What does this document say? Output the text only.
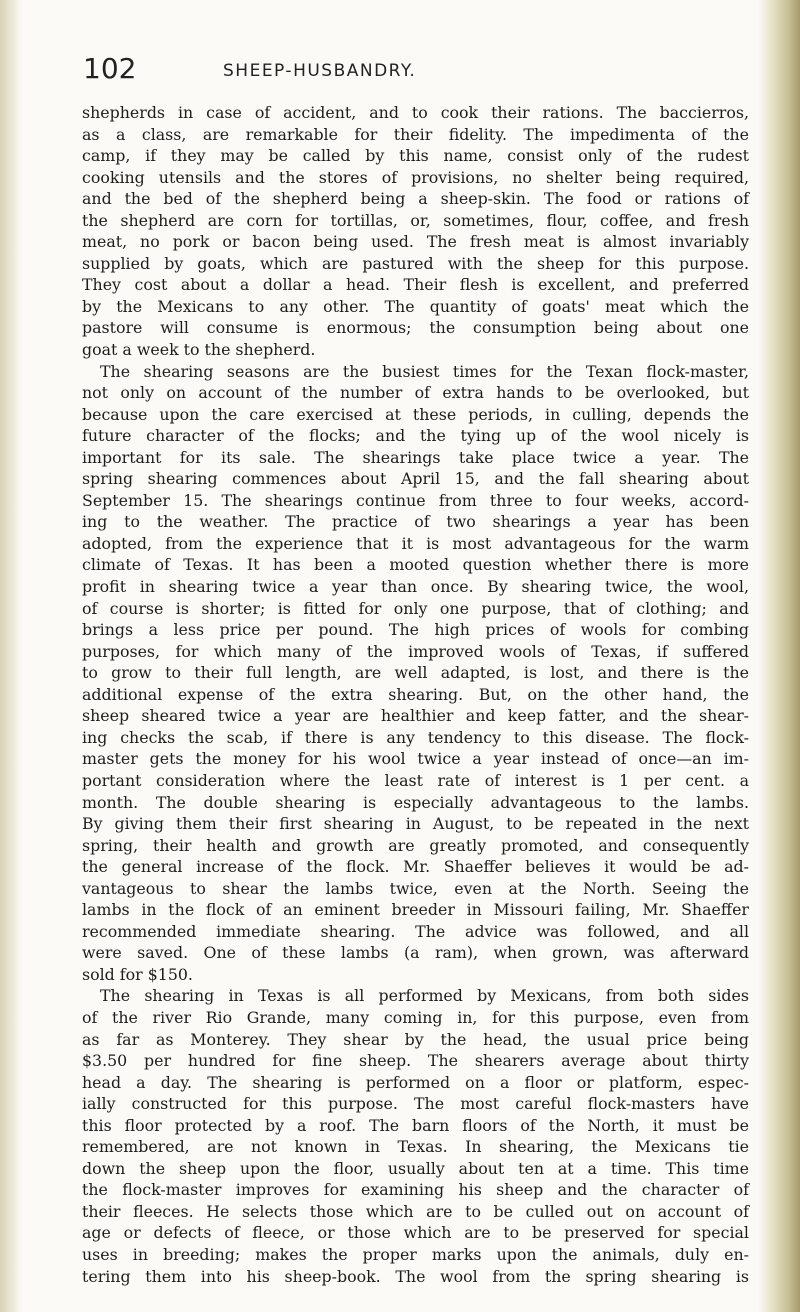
102	SHEEP-HUSBANDRY.
shepherds in case of accident, and to cook their rations. The baccierros,
as a class, are remarkable for their fidelity. The impedimenta of the
camp, if they may be called by this name, consist only of the rudest
cooking utensils and the stores of provisions, no shelter being required,
and the bed of the shepherd being a sheep-skin. The food or rations of
the shepherd are corn for tortillas, or, sometimes, flour, coffee, and fresh
meat, no pork or bacon being used. The fresh meat is almost invariably
supplied by goats, which are pastured with the sheep for this purpose.
They cost about a dollar a head. Their flesh is excellent, and preferred
by the Mexicans to any other. The quantity of goats' meat which the
pastore will consume is enormous; the consumption being about one
goat a week to the shepherd.
The shearing seasons are the busiest times for the Texan flock-master,
not only on account of the number of extra hands to be overlooked, but
because upon the care exercised at these periods, in culling, depends the
future character of the flocks; and the tying up of the wool nicely is
important for its sale. The shearings take place twice a year. The
spring shearing commences about April 15, and the fall shearing about
September 15. The shearings continue from three to four weeks, accord-
ing to the weather. The practice of two shearings a year has been
adopted, from the experience that it is most advantageous for the warm
climate of Texas. It has been a mooted question whether there is more
profit in shearing twice a year than once. By shearing twice, the wool,
of course is shorter; is fitted for only one purpose, that of clothing; and
brings a less price per pound. The high prices of wools for combing
purposes, for which many of the improved wools of Texas, if suffered
to grow to their full length, are well adapted, is lost, and there is the
additional expense of the extra shearing. But, on the other hand, the
sheep sheared twice a year are healthier and keep fatter, and the shear-
ing checks the scab, if there is any tendency to this disease. The flock-
master gets the money for his wool twice a year instead of once—an im-
portant consideration where the least rate of interest is 1 per cent. a
month. The double shearing is especially advantageous to the lambs.
By giving them their first shearing in August, to be repeated in the next
spring, their health and growth are greatly promoted, and consequently
the general increase of the flock. Mr. Shaeffer believes it would be ad-
vantageous to shear the lambs twice, even at the North. Seeing the
lambs in the flock of an eminent breeder in Missouri failing, Mr. Shaeffer
recommended immediate shearing. The advice was followed, and all
were saved. One of these lambs (a ram), when grown, was afterward
sold for $150.
The shearing in Texas is all performed by Mexicans, from both sides
of the river Rio Grande, many coming in, for this purpose, even from
as far as Monterey. They shear by the head, the usual price being
$3.50 per hundred for fine sheep. The shearers average about thirty
head a day. The shearing is performed on a floor or platform, espec-
ially constructed for this purpose. The most careful flock-masters have
this floor protected by a roof. The barn floors of the North, it must be
remembered, are not known in Texas. In shearing, the Mexicans tie
down the sheep upon the floor, usually about ten at a time. This time
the flock-master improves for examining his sheep and the character of
their fleeces. He selects those which are to be culled out on account of
age or defects of fleece, or those which are to be preserved for special
uses in breeding; makes the proper marks upon the animals, duly en-
tering them into his sheep-book. The wool from the spring shearing is
